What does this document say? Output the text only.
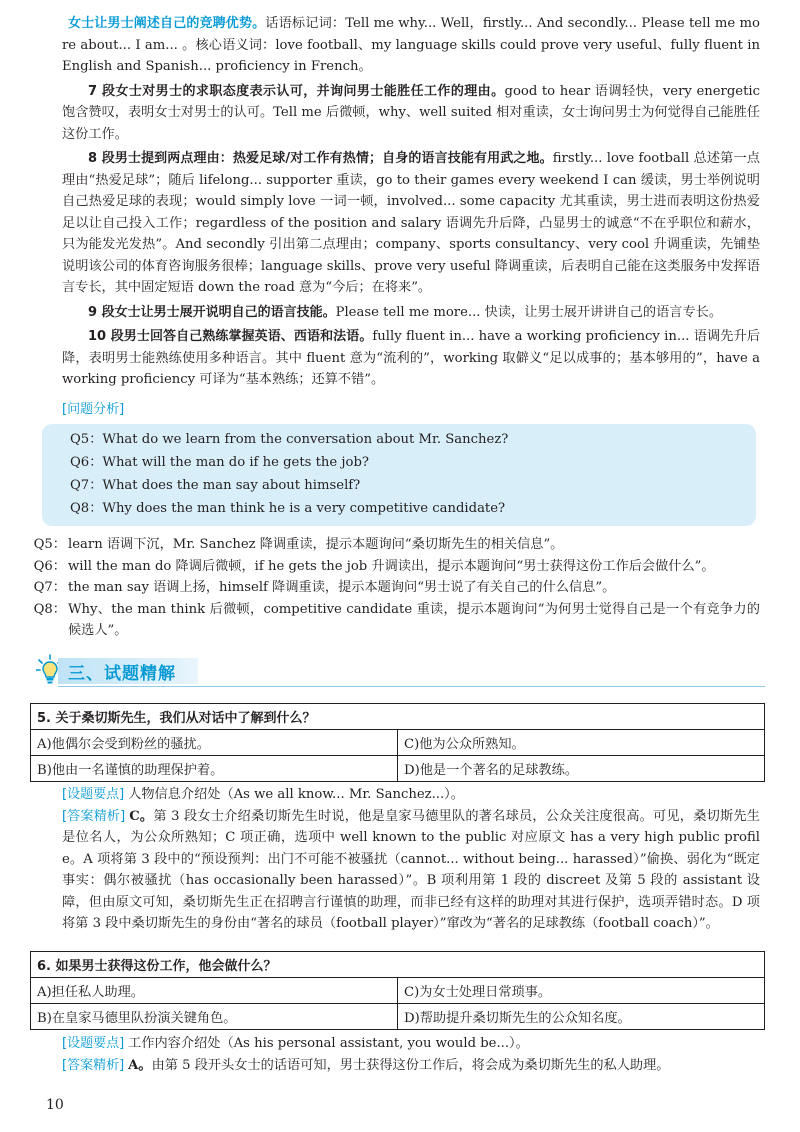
女士让男士阐述自己的竞聘优势。话语标记词：Tell me why... Well，firstly... And secondly... Please tell me more about... I am... 。核心语义词：love football、my language skills could prove very useful、fully fluent in English and Spanish... proficiency in French。

7 段女士对男士的求职态度表示认可，并询问男士能胜任工作的理由。good to hear 语调轻快，very energetic 饱含赞叹，表明女士对男士的认可。Tell me 后微顿，why、well suited 相对重读，女士询问男士为何觉得自己能胜任这份工作。

8 段男士提到两点理由：热爱足球/对工作有热情；自身的语言技能有用武之地。firstly... love football 总述第一点理由“热爱足球”；随后 lifelong... supporter 重读，go to their games every weekend I can 缓读，男士举例说明自己热爱足球的表现；would simply love 一词一顿，involved... some capacity 尤其重读，男士进而表明这份热爱足以让自己投入工作；regardless of the position and salary 语调先升后降，凸显男士的诚意“不在乎职位和薪水，只为能发光发热”。And secondly 引出第二点理由；company、sports consultancy、very cool 升调重读，先铺垫说明该公司的体育咨询服务很棒；language skills、prove very useful 降调重读，后表明自己能在这类服务中发挥语言专长，其中固定短语 down the road 意为“今后；在将来”。

9 段女士让男士展开说明自己的语言技能。Please tell me more... 快读，让男士展开讲讲自己的语言专长。

10 段男士回答自己熟练掌握英语、西语和法语。fully fluent in... have a working proficiency in... 语调先升后降，表明男士能熟练使用多种语言。其中 fluent 意为“流利的”，working 取僻义“足以成事的；基本够用的”，have a working proficiency 可译为“基本熟练；还算不错”。

[问题分析]
Q5：What do we learn from the conversation about Mr. Sanchez?
Q6：What will the man do if he gets the job?
Q7：What does the man say about himself?
Q8：Why does the man think he is a very competitive candidate?
Q5： learn 语调下沉，Mr. Sanchez 降调重读，提示本题询问“桑切斯先生的相关信息”。
Q6： will the man do 降调后微顿，if he gets the job 升调读出，提示本题询问“男士获得这份工作后会做什么”。
Q7： the man say 语调上扬，himself 降调重读，提示本题询问“男士说了有关自己的什么信息”。
Q8： Why、the man think 后微顿，competitive candidate 重读，提示本题询问“为何男士觉得自己是一个有竞争力的候选人”。
三、试题精解
5. 关于桑切斯先生，我们从对话中了解到什么？	
A)他偶尔会受到粉丝的骚扰。	C)他为公众所熟知。
B)他由一名谨慎的助理保护着。	D)他是一个著名的足球教练。

[设题要点] 人物信息介绍处（As we all know... Mr. Sanchez...）。

[答案精析] C。第 3 段女士介绍桑切斯先生时说，他是皇家马德里队的著名球员，公众关注度很高。可见，桑切斯先生是位名人，为公众所熟知；C 项正确，选项中 well known to the public 对应原文 has a very high public profile。A 项将第 3 段中的“预设预判：出门不可能不被骚扰（cannot... without being... harassed）”偷换、弱化为“既定事实：偶尔被骚扰（has occasionally been harassed）”。B 项利用第 1 段的 discreet 及第 5 段的 assistant 设障，但由原文可知，桑切斯先生正在招聘言行谨慎的助理，而非已经有这样的助理对其进行保护，选项弄错时态。D 项将第 3 段中桑切斯先生的身份由“著名的球员（football player）”窜改为“著名的足球教练（football coach）”。

6. 如果男士获得这份工作，他会做什么？	
A)担任私人助理。	C)为女士处理日常琐事。
B)在皇家马德里队扮演关键角色。	D)帮助提升桑切斯先生的公众知名度。

[设题要点] 工作内容介绍处（As his personal assistant, you would be...）。

[答案精析] A。由第 5 段开头女士的话语可知，男士获得这份工作后，将会成为桑切斯先生的私人助理。

10
